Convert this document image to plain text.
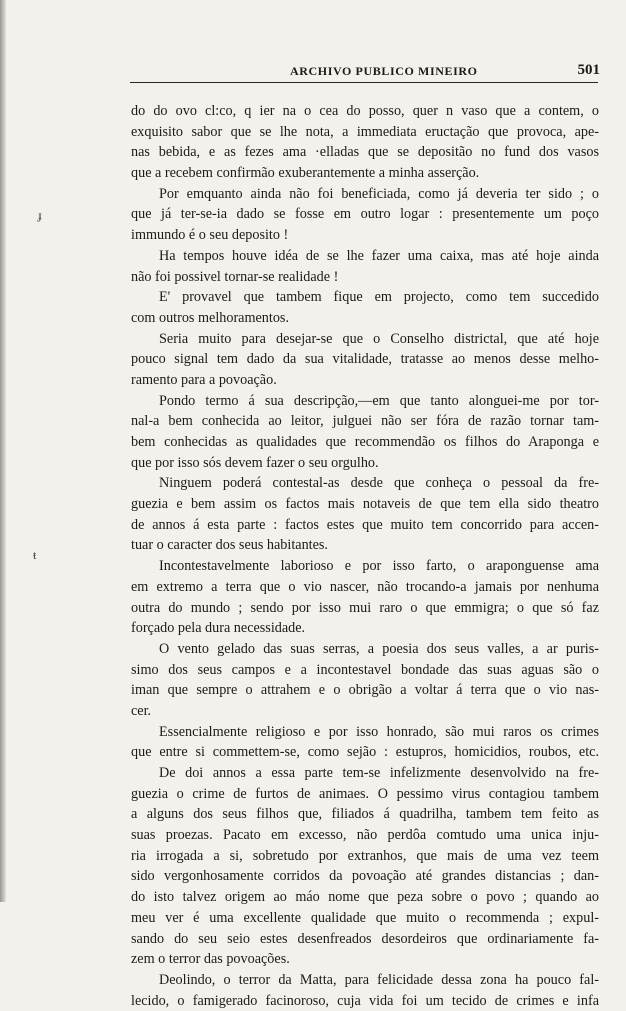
ARCHIVO PUBLICO MINEIRO	501
ɟ
ŧ
do do ovo cl:co, q ier na o cea do posso, quer n vaso que a contem, o
exquisito sabor que se lhe nota, a immediata eructação que provoca, ape-
nas bebida, e as fezes ama ·elladas que se depositão no fund dos vasos
que a recebem confirmão exuberantemente a minha asserção.
Por emquanto ainda não foi beneficiada, como já deveria ter sido ; o
que já ter-se-ia dado se fosse em outro logar : presentemente um poço
immundo é o seu deposito !
Ha tempos houve idéa de se lhe fazer uma caixa, mas até hoje ainda
não foi possivel tornar-se realidade !
E' provavel que tambem fique em projecto, como tem succedido
com outros melhoramentos.
Seria muito para desejar-se que o Conselho districtal, que até hoje
pouco signal tem dado da sua vitalidade, tratasse ao menos desse melho-
ramento para a povoação.
Pondo termo á sua descripção,—em que tanto alonguei-me por tor-
nal-a bem conhecida ao leitor, julguei não ser fóra de razão tornar tam-
bem conhecidas as qualidades que recommendão os filhos do Araponga e
que por isso sós devem fazer o seu orgulho.
Ninguem poderá contestal-as desde que conheça o pessoal da fre-
guezia e bem assim os factos mais notaveis de que tem ella sido theatro
de annos á esta parte : factos estes que muito tem concorrido para accen-
tuar o caracter dos seus habitantes.
Incontestavelmente laborioso e por isso farto, o araponguense ama
em extremo a terra que o vio nascer, não trocando-a jamais por nenhuma
outra do mundo ; sendo por isso mui raro o que emmigra; o que só faz
forçado pela dura necessidade.
O vento gelado das suas serras, a poesia dos seus valles, a ar puris-
simo dos seus campos e a incontestavel bondade das suas aguas são o
iman que sempre o attrahem e o obrigão a voltar á terra que o vio nas-
cer.
Essencialmente religioso e por isso honrado, são mui raros os crimes
que entre si commettem-se, como sejão : estupros, homicidios, roubos, etc.
De doi annos a essa parte tem-se infelizmente desenvolvido na fre-
guezia o crime de furtos de animaes. O pessimo virus contagiou tambem
a alguns dos seus filhos que, filiados á quadrilha, tambem tem feito as
suas proezas. Pacato em excesso, não perdôa comtudo uma unica inju-
ria irrogada a si, sobretudo por extranhos, que mais de uma vez teem
sido vergonhosamente corridos da povoação até grandes distancias ; dan-
do isto talvez origem ao máo nome que peza sobre o povo ; quando ao
meu ver é uma excellente qualidade que muito o recommenda ; expul-
sando do seu seio estes desenfreados desordeiros que ordinariamente fa-
zem o terror das povoações.
Deolindo, o terror da Matta, para felicidade dessa zona ha pouco fal-
lecido, o famigerado facinoroso, cuja vida foi um tecido de crimes e infa
